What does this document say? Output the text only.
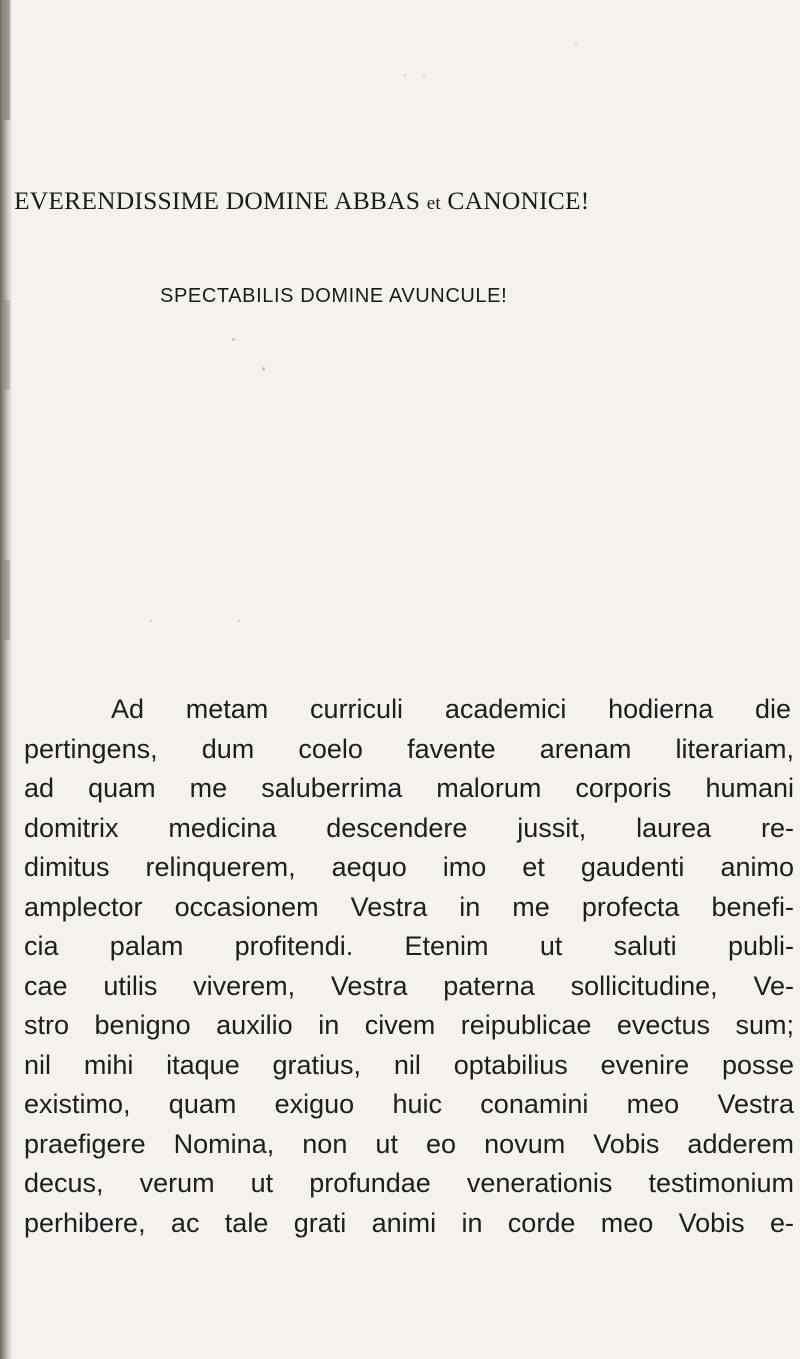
EVERENDISSIME DOMINE ABBAS et CANONICE!
SPECTABILIS DOMINE AVUNCULE!
Ad metam curriculi academici hodierna die
pertingens, dum coelo favente arenam literariam,
ad quam me saluberrima malorum corporis humani
domitrix medicina descendere jussit, laurea re-
dimitus relinquerem, aequo imo et gaudenti animo
amplector occasionem Vestra in me profecta benefi-
cia palam profitendi. Etenim ut saluti publi-
cae utilis viverem, Vestra paterna sollicitudine, Ve-
stro benigno auxilio in civem reipublicae evectus sum;
nil mihi itaque gratius, nil optabilius evenire posse
existimo, quam exiguo huic conamini meo Vestra
praefigere Nomina, non ut eo novum Vobis adderem
decus, verum ut profundae venerationis testimonium
perhibere, ac tale grati animi in corde meo Vobis e-
